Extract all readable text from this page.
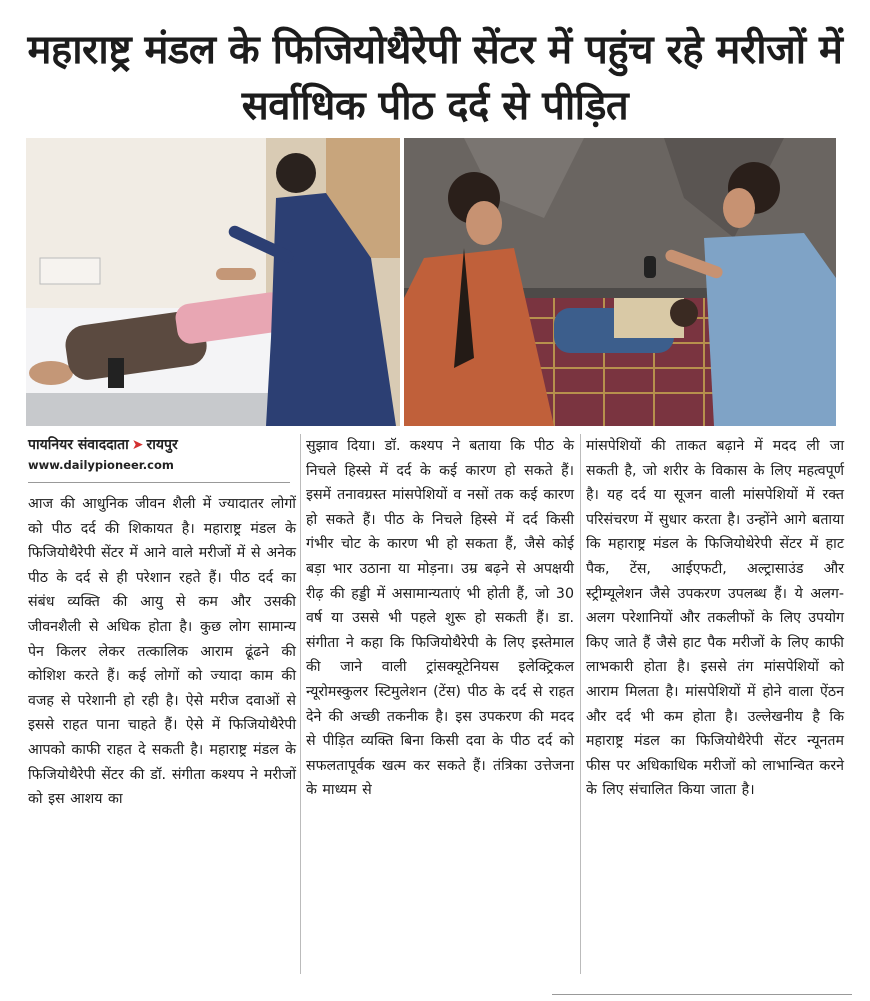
महाराष्ट्र मंडल के फिजियोथैरेपी सेंटर में पहुंच रहे मरीजों में सर्वाधिक पीठ दर्द से पीड़ित
पायनियर संवाददाता ➤ रायपुर
www.dailypioneer.com

आज की आधुनिक जीवन शैली में ज्यादातर लोगों को पीठ दर्द की शिकायत है। महाराष्ट्र मंडल के फिजियोथैरेपी सेंटर में आने वाले मरीजों में से अनेक पीठ के दर्द से ही परेशान रहते हैं। पीठ दर्द का संबंध व्यक्ति की आयु से कम और उसकी जीवनशैली से अधिक होता है। कुछ लोग सामान्य पेन किलर लेकर तत्कालिक आराम ढूंढने की कोशिश करते हैं। कई लोगों को ज्यादा काम की वजह से परेशानी हो रही है। ऐसे मरीज दवाओं से इससे राहत पाना चाहते हैं। ऐसे में फिजियोथैरेपी आपको काफी राहत दे सकती है। महाराष्ट्र मंडल के फिजियोथैरेपी सेंटर की डॉ. संगीता कश्यप ने मरीजों को इस आशय का

सुझाव दिया। डॉ. कश्यप ने बताया कि पीठ के निचले हिस्से में दर्द के कई कारण हो सकते हैं। इसमें तनावग्रस्त मांसपेशियों व नसों तक कई कारण हो सकते हैं। पीठ के निचले हिस्से में दर्द किसी गंभीर चोट के कारण भी हो सकता हैं, जैसे कोई बड़ा भार उठाना या मोड़ना। उम्र बढ़ने से अपक्षयी रीढ़ की हड्डी में असामान्यताएं भी होती हैं, जो 30 वर्ष या उससे भी पहले शुरू हो सकती हैं। डा. संगीता ने कहा कि फिजियोथैरेपी के लिए इस्तेमाल की जाने वाली ट्रांसक्यूटेनियस इलेक्ट्रिकल न्यूरोमस्कुलर स्टिमुलेशन (टेंस) पीठ के दर्द से राहत देने की अच्छी तकनीक है। इस उपकरण की मदद से पीड़ित व्यक्ति बिना किसी दवा के पीठ दर्द को सफलतापूर्वक खत्म कर सकते हैं। तंत्रिका उत्तेजना के माध्यम से

मांसपेशियों की ताकत बढ़ाने में मदद ली जा सकती है, जो शरीर के विकास के लिए महत्वपूर्ण है। यह दर्द या सूजन वाली मांसपेशियों में रक्त परिसंचरण में सुधार करता है। उन्होंने आगे बताया कि महाराष्ट्र मंडल के फिजियोथेरेपी सेंटर में हाट पैक, टेंस, आईएफटी, अल्ट्रासाउंड और स्ट्रीम्यूलेशन जैसे उपकरण उपलब्ध हैं। ये अलग-अलग परेशानियों और तकलीफों के लिए उपयोग किए जाते हैं जैसे हाट पैक मरीजों के लिए काफी लाभकारी होता है। इससे तंग मांसपेशियों को आराम मिलता है। मांसपेशियों में होने वाला ऐंठन और दर्द भी कम होता है। उल्लेखनीय है कि महाराष्ट्र मंडल का फिजियोथैरेपी सेंटर न्यूनतम फीस पर अधिकाधिक मरीजों को लाभान्वित करने के लिए संचालित किया जाता है।
